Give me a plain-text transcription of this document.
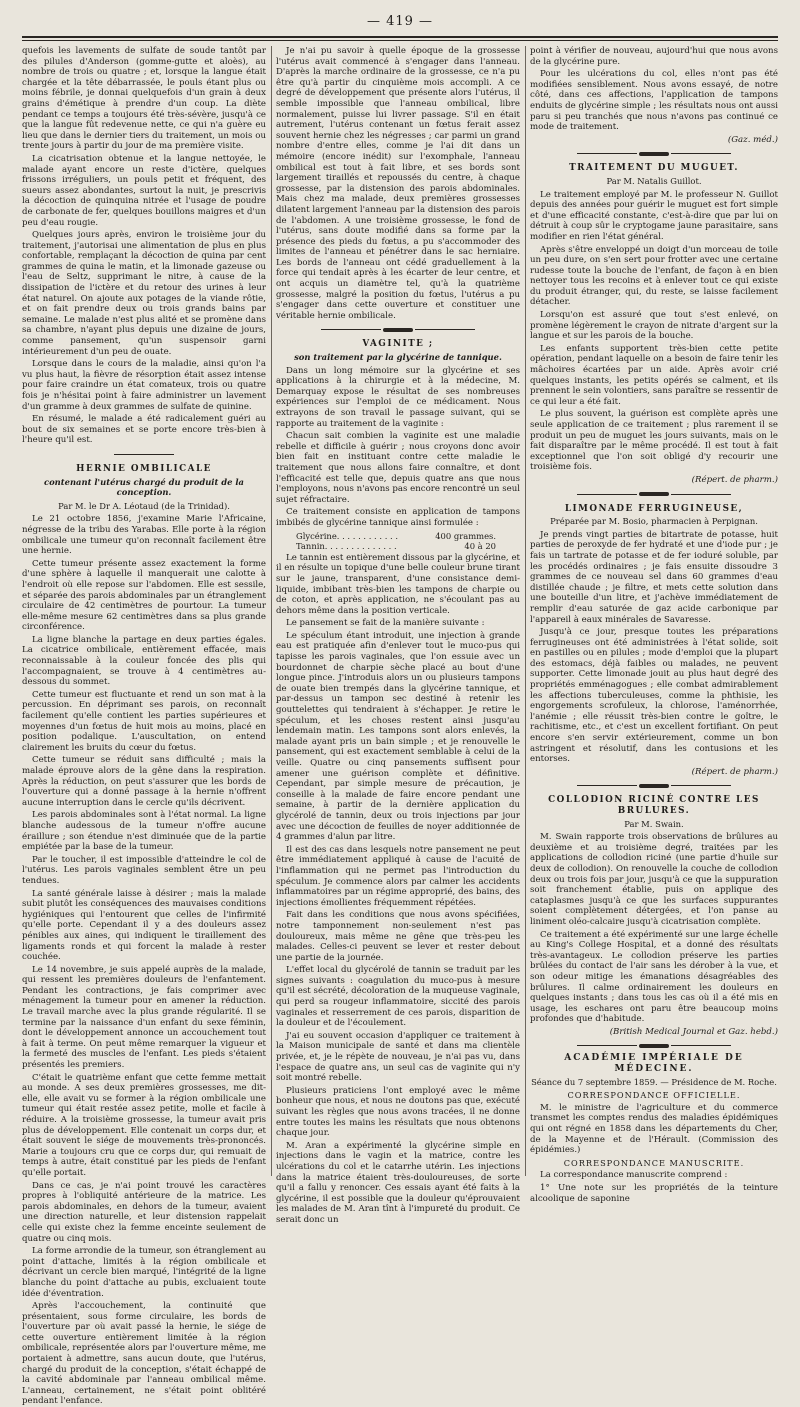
— 419 —

quefois les lavements de sulfate de soude tantôt par des pilules d'Anderson (gomme-gutte et aloès), au nombre de trois ou quatre ; et, lorsque la langue était chargée et la tête débarrassée, le pouls étant plus ou moins fébrile, je donnai quelquefois d'un grain à deux grains d'émétique à prendre d'un coup. La diète pendant ce temps a toujours été très-sévère, jusqu'à ce que la langue fût redevenue nette, ce qui n'a guère eu lieu que dans le dernier tiers du traitement, un mois ou trente jours à partir du jour de ma première visite.

La cicatrisation obtenue et la langue nettoyée, le malade ayant encore un reste d'ictère, quelques frissons irréguliers, un pouls petit et fréquent, des sueurs assez abondantes, surtout la nuit, je prescrivis la décoction de quinquina nitrée et l'usage de poudre de carbonate de fer, quelques bouillons maigres et d'un peu d'eau rougie.

Quelques jours après, environ le troisième jour du traitement, j'autorisai une alimentation de plus en plus confortable, remplaçant la décoction de quina par cent grammes de quina le matin, et la limonade gazeuse ou l'eau de Seltz, supprimant le nitre, à cause de la dissipation de l'ictère et du retour des urines à leur état naturel. On ajoute aux potages de la viande rôtie, et on fait prendre deux ou trois grands bains par semaine. Le malade n'est plus alité et se promène dans sa chambre, n'ayant plus depuis une dizaine de jours, comme pansement, qu'un suspensoir garni intérieurement d'un peu de ouate.

Lorsque dans le cours de la maladie, ainsi qu'on l'a vu plus haut, la fièvre de résorption était assez intense pour faire craindre un état comateux, trois ou quatre fois je n'hésitai point à faire administrer un lavement d'un gramme à deux grammes de sulfate de quinine.

En résumé, le malade a été radicalement guéri au bout de six semaines et se porte encore très-bien à l'heure qu'il est.

HERNIE OMBILICALE
contenant l'utérus chargé du produit de la conception.
Par M. le Dr A. Léotaud (de la Trinidad).

Le 21 octobre 1856, j'examine Marie l'Africaine, négresse de la tribu des Yarabas. Elle porte à la région ombilicale une tumeur qu'on reconnaît facilement être une hernie.

Cette tumeur présente assez exactement la forme d'une sphère à laquelle il manquerait une calotte à l'endroit où elle repose sur l'abdomen. Elle est sessile, et séparée des parois abdominales par un étranglement circulaire de 42 centimètres de pourtour. La tumeur elle-même mesure 62 centimètres dans sa plus grande circonférence.

La ligne blanche la partage en deux parties égales. La cicatrice ombilicale, entièrement effacée, mais reconnaissable à la couleur foncée des plis qui l'accompagnaient, se trouve à 4 centimètres au-dessous du sommet.

Cette tumeur est fluctuante et rend un son mat à la percussion. En déprimant ses parois, on reconnaît facilement qu'elle contient les parties supérieures et moyennes d'un fœtus de huit mois au moins, placé en position podalique. L'auscultation, on entend clairement les bruits du cœur du fœtus.

Cette tumeur se réduit sans difficulté ; mais la malade éprouve alors de la gêne dans la respiration. Après la réduction, on peut s'assurer que les bords de l'ouverture qui a donné passage à la hernie n'offrent aucune interruption dans le cercle qu'ils décrivent.

Les parois abdominales sont à l'état normal. La ligne blanche audessous de la tumeur n'offre aucune éraillure ; son étendue n'est diminuée que de la partie empiétée par la base de la tumeur.

Par le toucher, il est impossible d'atteindre le col de l'utérus. Les parois vaginales semblent être un peu tendues.

La santé générale laisse à désirer ; mais la malade subit plutôt les conséquences des mauvaises conditions hygiéniques qui l'entourent que celles de l'infirmité qu'elle porte. Cependant il y a des douleurs assez pénibles aux aines, qui indiquent le tiraillement des ligaments ronds et qui forcent la malade à rester couchée.

Le 14 novembre, je suis appelé auprès de la malade, qui ressent les premières douleurs de l'enfantement. Pendant les contractions, je fais comprimer avec ménagement la tumeur pour en amener la réduction. Le travail marche avec la plus grande régularité. Il se termine par la naissance d'un enfant du sexe féminin, dont le développement annonce un accouchement tout à fait à terme. On peut même remarquer la vigueur et la fermeté des muscles de l'enfant. Les pieds s'étaient présentés les premiers.

C'était le quatrième enfant que cette femme mettait au monde. A ses deux premières grossesses, me dit-elle, elle avait vu se former à la région ombilicale une tumeur qui était restée assez petite, molle et facile à réduire. A la troisième grossesse, la tumeur avait pris plus de développement. Elle contenait un corps dur, et était souvent le siége de mouvements très-prononcés. Marie a toujours cru que ce corps dur, qui remuait de temps à autre, était constitué par les pieds de l'enfant qu'elle portait.

Dans ce cas, je n'ai point trouvé les caractères propres à l'obliquité antérieure de la matrice. Les parois abdominales, en dehors de la tumeur, avaient une direction naturelle, et leur distension rappelait celle qui existe chez la femme enceinte seulement de quatre ou cinq mois.

La forme arrondie de la tumeur, son étranglement au point d'attache, limités à la région ombilicale et décrivant un cercle bien marqué, l'intégrité de la ligne blanche du point d'attache au pubis, excluaient toute idée d'éventration.

Après l'accouchement, la continuité que présentaient, sous forme circulaire, les bords de l'ouverture par où avait passé la hernie, le siége de cette ouverture entièrement limitée à la région ombilicale, représentée alors par l'ouverture même, me portaient à admettre, sans aucun doute, que l'utérus, chargé du produit de la conception, s'était échappé de la cavité abdominale par l'anneau ombilical même. L'anneau, certainement, ne s'était point oblitéré pendant l'enfance.

Je n'ai pu savoir à quelle époque de la grossesse l'utérus avait commencé à s'engager dans l'anneau. D'après la marche ordinaire de la grossesse, ce n'a pu être qu'à partir du cinquième mois accompli. A ce degré de développement que présente alors l'utérus, il semble impossible que l'anneau ombilical, libre normalement, puisse lui livrer passage. S'il en était autrement, l'utérus contenant un fœtus ferait assez souvent hernie chez les négresses ; car parmi un grand nombre d'entre elles, comme je l'ai dit dans un mémoire (encore inédit) sur l'exomphale, l'anneau ombilical est tout à fait libre, et ses bords sont largement tiraillés et repoussés du centre, à chaque grossesse, par la distension des parois abdominales. Mais chez ma malade, deux premières grossesses dilatent largement l'anneau par la distension des parois de l'abdomen. A une troisième grossesse, le fond de l'utérus, sans doute modifié dans sa forme par la présence des pieds du fœtus, a pu s'accommoder des limites de l'anneau et pénétrer dans le sac herniaire. Les bords de l'anneau ont cédé graduellement à la force qui tendait après à les écarter de leur centre, et ont acquis un diamètre tel, qu'à la quatrième grossesse, malgré la position du fœtus, l'utérus a pu s'engager dans cette ouverture et constituer une véritable hernie ombilicale.

VAGINITE ;
son traitement par la glycérine de tannique.

Dans un long mémoire sur la glycérine et ses applications à la chirurgie et à la médecine, M. Demarquay expose le résultat de ses nombreuses expériences sur l'emploi de ce médicament. Nous extrayons de son travail le passage suivant, qui se rapporte au traitement de la vaginite :

Chacun sait combien la vaginite est une maladie rebelle et difficile à guérir ; nous croyons donc avoir bien fait en instituant contre cette maladie le traitement que nous allons faire connaître, et dont l'efficacité est telle que, depuis quatre ans que nous l'employons, nous n'avons pas encore rencontré un seul sujet réfractaire.

Ce traitement consiste en application de tampons imbibés de glycérine tannique ainsi formulée :

Glycérine. . . . . . . . . . . .	400 grammes.
Tannin. . . . . . . . . . . . . .	40 à 20

Le tannin est entièrement dissous par la glycérine, et il en résulte un topique d'une belle couleur brune tirant sur le jaune, transparent, d'une consistance demi-liquide, imbibant très-bien les tampons de charpie ou de coton, et après application, ne s'écoulant pas au dehors même dans la position verticale.

Le pansement se fait de la manière suivante :

Le spéculum étant introduit, une injection à grande eau est pratiquée afin d'enlever tout le muco-pus qui tapisse les parois vaginales, que l'on essuie avec un bourdonnet de charpie sèche placé au bout d'une longue pince. J'introduis alors un ou plusieurs tampons de ouate bien trempés dans la glycérine tannique, et par-dessus un tampon sec destiné à retenir les gouttelettes qui tendraient à s'échapper. Je retire le spéculum, et les choses restent ainsi jusqu'au lendemain matin. Les tampons sont alors enlevés, la malade ayant pris un bain simple ; et je renouvelle le pansement, qui est exactement semblable à celui de la veille. Quatre ou cinq pansements suffisent pour amener une guérison complète et définitive. Cependant, par simple mesure de précaution, je conseille à la malade de faire encore pendant une semaine, à partir de la dernière application du glycérolé de tannin, deux ou trois injections par jour avec une décoction de feuilles de noyer additionnée de 4 grammes d'alun par litre.

Il est des cas dans lesquels notre pansement ne peut être immédiatement appliqué à cause de l'acuité de l'inflammation qui ne permet pas l'introduction du spéculum. Je commence alors par calmer les accidents inflammatoires par un régime approprié, des bains, des injections émollientes fréquemment répétées.

Fait dans les conditions que nous avons spécifiées, notre tamponnement non-seulement n'est pas douloureux, mais même ne gêne que très-peu les malades. Celles-ci peuvent se lever et rester debout une partie de la journée.

L'effet local du glycérolé de tannin se traduit par les signes suivants : coagulation du muco-pus à mesure qu'il est sécrété, décoloration de la muqueuse vaginale, qui perd sa rougeur inflammatoire, siccité des parois vaginales et resserrement de ces parois, disparition de la douleur et de l'écoulement.

J'ai eu souvent occasion d'appliquer ce traitement à la Maison municipale de santé et dans ma clientèle privée, et, je le répète de nouveau, je n'ai pas vu, dans l'espace de quatre ans, un seul cas de vaginite qui n'y soit montré rebelle.

Plusieurs praticiens l'ont employé avec le même bonheur que nous, et nous ne doutons pas que, exécuté suivant les règles que nous avons tracées, il ne donne entre toutes les mains les résultats que nous obtenons chaque jour.

M. Aran a expérimenté la glycérine simple en injections dans le vagin et la matrice, contre les ulcérations du col et le catarrhe utérin. Les injections dans la matrice étaient très-douloureuses, de sorte qu'il a fallu y renoncer. Ces essais ayant été faits à la glycérine, il est possible que la douleur qu'éprouvaient les malades de M. Aran tînt à l'impureté du produit. Ce serait donc un

point à vérifier de nouveau, aujourd'hui que nous avons de la glycérine pure.

Pour les ulcérations du col, elles n'ont pas été modifiées sensiblement. Nous avons essayé, de notre côté, dans ces affections, l'application de tampons enduits de glycérine simple ; les résultats nous ont aussi paru si peu tranchés que nous n'avons pas continué ce mode de traitement.

(Gaz. méd.)
TRAITEMENT DU MUGUET.
Par M. Natalis Guillot.

Le traitement employé par M. le professeur N. Guillot depuis des années pour guérir le muguet est fort simple et d'une efficacité constante, c'est-à-dire que par lui on détruit à coup sûr le cryptogame jaune parasitaire, sans modifier en rien l'état général.

Après s'être enveloppé un doigt d'un morceau de toile un peu dure, on s'en sert pour frotter avec une certaine rudesse toute la bouche de l'enfant, de façon à en bien nettoyer tous les recoins et à enlever tout ce qui existe du produit étranger, qui, du reste, se laisse facilement détacher.

Lorsqu'on est assuré que tout s'est enlevé, on promène légèrement le crayon de nitrate d'argent sur la langue et sur les parois de la bouche.

Les enfants supportent très-bien cette petite opération, pendant laquelle on a besoin de faire tenir les mâchoires écartées par un aide. Après avoir crié quelques instants, les petits opérés se calment, et ils prennent le sein volontiers, sans paraître se ressentir de ce qui leur a été fait.

Le plus souvent, la guérison est complète après une seule application de ce traitement ; plus rarement il se produit un peu de muguet les jours suivants, mais on le fait disparaître par le même procédé. Il est tout à fait exceptionnel que l'on soit obligé d'y recourir une troisième fois.

(Répert. de pharm.)
LIMONADE FERRUGINEUSE,
Préparée par M. Bosio, pharmacien à Perpignan.

Je prends vingt parties de bitartrate de potasse, huit parties de peroxyde de fer hydraté et une d'iode pur ; je fais un tartrate de potasse et de fer ioduré soluble, par les procédés ordinaires ; je fais ensuite dissoudre 3 grammes de ce nouveau sel dans 60 grammes d'eau distillée chaude ; je filtre, et mets cette solution dans une bouteille d'un litre, et j'achève immédiatement de remplir d'eau saturée de gaz acide carbonique par l'appareil à eaux minérales de Savaresse.

Jusqu'à ce jour, presque toutes les préparations ferrugineuses ont été administrées à l'état solide, soit en pastilles ou en pilules ; mode d'emploi que la plupart des estomacs, déjà faibles ou malades, ne peuvent supporter. Cette limonade jouit au plus haut degré des propriétés emménagogues ; elle combat admirablement les affections tuberculeuses, comme la phthisie, les engorgements scrofuleux, la chlorose, l'aménorrhée, l'anémie ; elle réussit très-bien contre le goître, le rachitisme, etc., et c'est un excellent fortifiant. On peut encore s'en servir extérieurement, comme un bon astringent et résolutif, dans les contusions et les entorses.

(Répert. de pharm.)
COLLODION RICINÉ CONTRE LES BRULURES.
Par M. Swain.

M. Swain rapporte trois observations de brûlures au deuxième et au troisième degré, traitées par les applications de collodion riciné (une partie d'huile sur deux de collodion). On renouvelle la couche de collodion deux ou trois fois par jour, jusqu'à ce que la suppuration soit franchement établie, puis on applique des cataplasmes jusqu'à ce que les surfaces suppurantes soient complètement détergées, et l'on panse au liniment oléo-calcaire jusqu'à cicatrisation complète.

Ce traitement a été expérimenté sur une large échelle au King's College Hospital, et a donné des résultats très-avantageux. Le collodion préserve les parties brûlées du contact de l'air sans les dérober à la vue, et son odeur mitige les émanations désagréables des brûlures. Il calme ordinairement les douleurs en quelques instants ; dans tous les cas où il a été mis en usage, les eschares ont paru être beaucoup moins profondes que d'habitude.

(British Medical Journal et Gaz. hebd.)
ACADÉMIE IMPÉRIALE DE MÉDECINE.
Séance du 7 septembre 1859. — Présidence de M. Roche.
CORRESPONDANCE OFFICIELLE.

M. le ministre de l'agriculture et du commerce transmet les comptes rendus des maladies épidémiques qui ont régné en 1858 dans les départements du Cher, de la Mayenne et de l'Hérault. (Commission des épidémies.)

CORRESPONDANCE MANUSCRITE.

La correspondance manuscrite comprend :

1° Une note sur les propriétés de la teinture alcoolique de saponine
